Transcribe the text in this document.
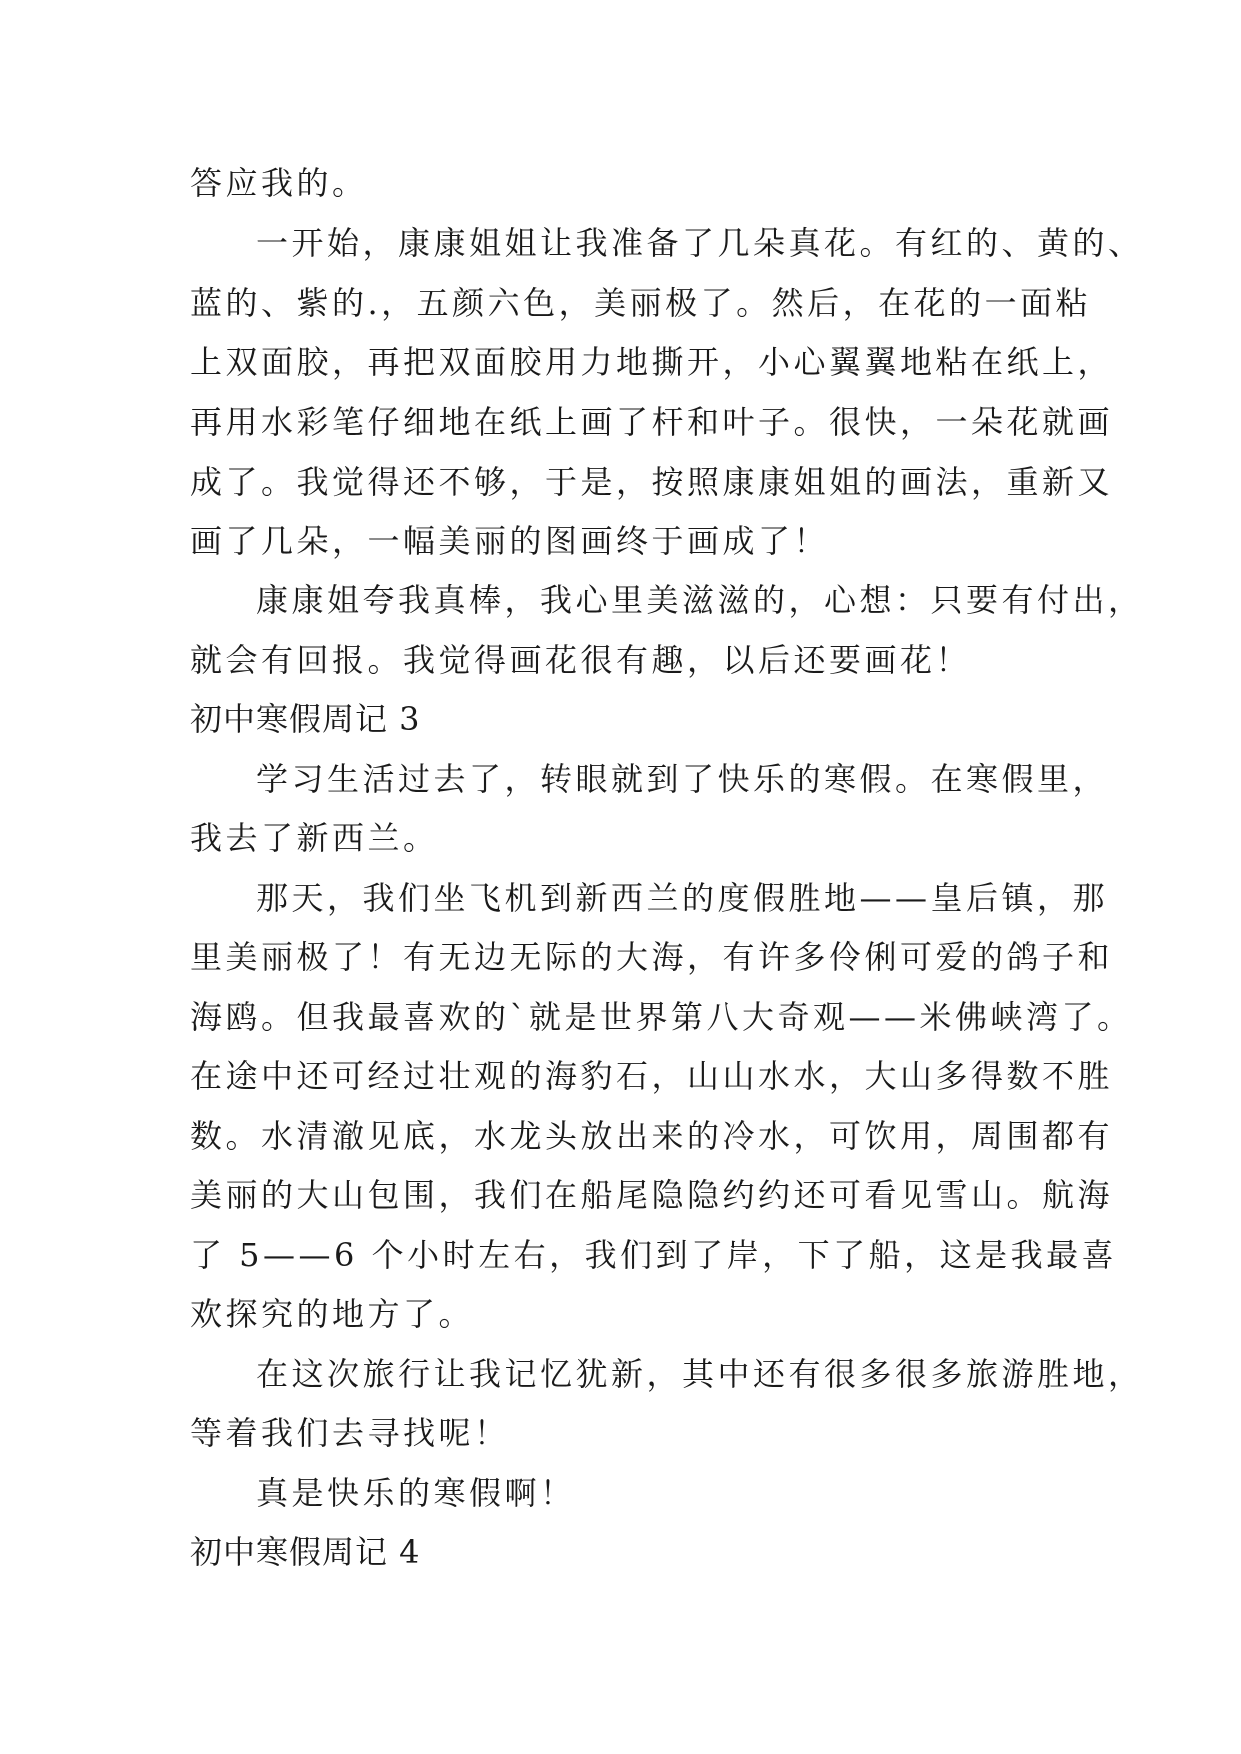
答应我的。
一开始，康康姐姐让我准备了几朵真花。有红的、黄的、
蓝的、紫的.，五颜六色，美丽极了。然后，在花的一面粘
上双面胶，再把双面胶用力地撕开，小心翼翼地粘在纸上，
再用水彩笔仔细地在纸上画了杆和叶子。很快，一朵花就画
成了。我觉得还不够，于是，按照康康姐姐的画法，重新又
画了几朵，一幅美丽的图画终于画成了！
康康姐夸我真棒，我心里美滋滋的，心想：只要有付出，
就会有回报。我觉得画花很有趣，以后还要画花！
初中寒假周记 3
学习生活过去了，转眼就到了快乐的寒假。在寒假里，
我去了新西兰。
那天，我们坐飞机到新西兰的度假胜地——皇后镇，那
里美丽极了！有无边无际的大海，有许多伶俐可爱的鸽子和
海鸥。但我最喜欢的`就是世界第八大奇观——米佛峡湾了。
在途中还可经过壮观的海豹石，山山水水，大山多得数不胜
数。水清澈见底，水龙头放出来的冷水，可饮用，周围都有
美丽的大山包围，我们在船尾隐隐约约还可看见雪山。航海
了 5——6 个小时左右，我们到了岸，下了船，这是我最喜
欢探究的地方了。
在这次旅行让我记忆犹新，其中还有很多很多旅游胜地，
等着我们去寻找呢！
真是快乐的寒假啊！
初中寒假周记 4
